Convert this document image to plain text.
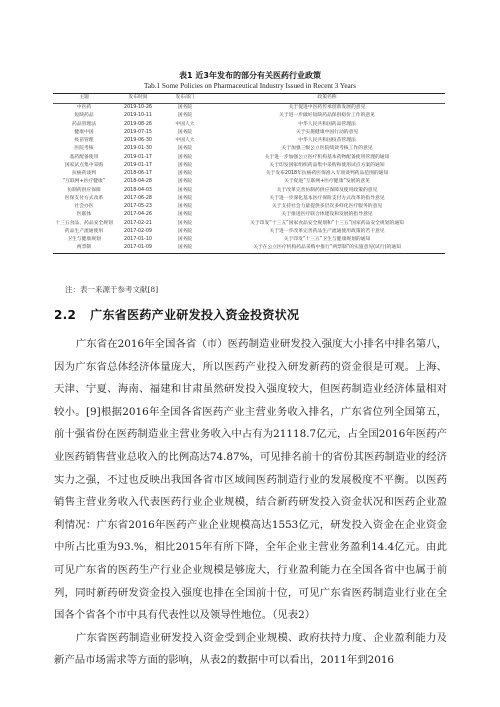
表1 近3年发布的部分有关医药行业政策
Tab.1 Some Policies on Pharmaceutical Industry Issued in Recent 3 Years
主题	发布时间	发布部门	政策名称
中医药	2019-10-26	国务院	关于促进中医药传承创新发展的意见
短缺药品	2019-10-11	国务院	关于进一步做好短缺药品保供稳价工作的意见
药品管理法	2019-08-26	中国人大	中华人民共和国药品管理法
健康中国	2019-07-15	国务院	关于实施健康中国行动的意见
疫苗管理	2019-06-30	中国人大	中华人民共和国疫苗管理法
医院考核	2019-01-30	国务院	关于加强三级公立医院绩效考核工作的意见
基药配备使用	2019-01-17	国务院	关于进一步加强公立医疗机构基本药物配备使用管理的通知
国家试点集中采购	2019-01-17	国务院	关于印发国家组织药品集中采购和使用试点方案的通知
抗癌药谈判	2018-06-17	国务院	关于发布2018年抗癌药医保准入专项谈判药品范围的通知
“互联网+医疗健康”	2018-04-28	国务院	关于促进“互联网+医疗健康”发展的意见
仿制药供应保障	2018-04-03	国务院	关于改革完善仿制药供应保障及使用政策的意见
医保支付方式改革	2017-06-28	国务院	关于进一步深化基本医疗保险支付方式改革的指导意见
社会办医	2017-05-23	国务院	关于支持社会力量提供多层次多样化医疗服务的意见
医联体	2017-04-26	国务院	关于推进医疗联合体建设和发展的指导意见
十三五食品、药品安全规划	2017-02-21	国务院	关于印发“十三五”国家食品安全规划和“十三五”国家药品安全规划的通知
药品生产流通使用	2017-02-09	国务院	关于进一步改革完善药品生产流通使用政策的若干意见
卫生与健康规划	2017-01-10	国务院	关于印发“十三五”卫生与健康规划的通知
两票制	2017-01-09	国务院	关于在公立医疗机构药品采购中推行“两票制”的实施意见(试行)的通知
注：表一来源于参考文献[8]
2.2 广东省医药产业研发投入资金投资状况

广东省在2016年全国各省（市）医药制造业研发投入强度大小排名中排名第八，因为广东省总体经济体量庞大，所以医药产业投入研发新药的资金很是可观。上海、天津、宁夏、海南、福建和甘肃虽然研发投入强度较大，但医药制造业经济体量相对较小。[9]根据2016年全国各省医药产业主营业务收入排名，广东省位列全国第五，前十强省份在医药制造业主营业务收入中占有为21118.7亿元，占全国2016年医药产业医药销售营业总收入的比例高达74.87%，可见排名前十的省份其医药制造业的经济实力之强，不过也反映出我国各省市区域间医药制造行业的发展极度不平衡。以医药销售主营业务收入代表医药行业企业规模，结合新药研发投入资金状况和医药企业盈利情况：广东省2016年医药产业企业规模高达1553亿元，研发投入资金在企业资金中所占比重为93.%，相比2015年有所下降，全年企业主营业务盈利14.4亿元。由此可见广东省的医药生产行业企业规模是够庞大，行业盈利能力在全国各省中也属于前列，同时新药研发资金投入强度也排在全国前十位，可见广东省医药制造业行业在全国各个省各个市中具有代表性以及领导性地位。（见表2）

广东省医药制造业研发投入资金受到企业规模、政府扶持力度、企业盈利能力及新产品市场需求等方面的影响，从表2的数据中可以看出，2011年到2016
